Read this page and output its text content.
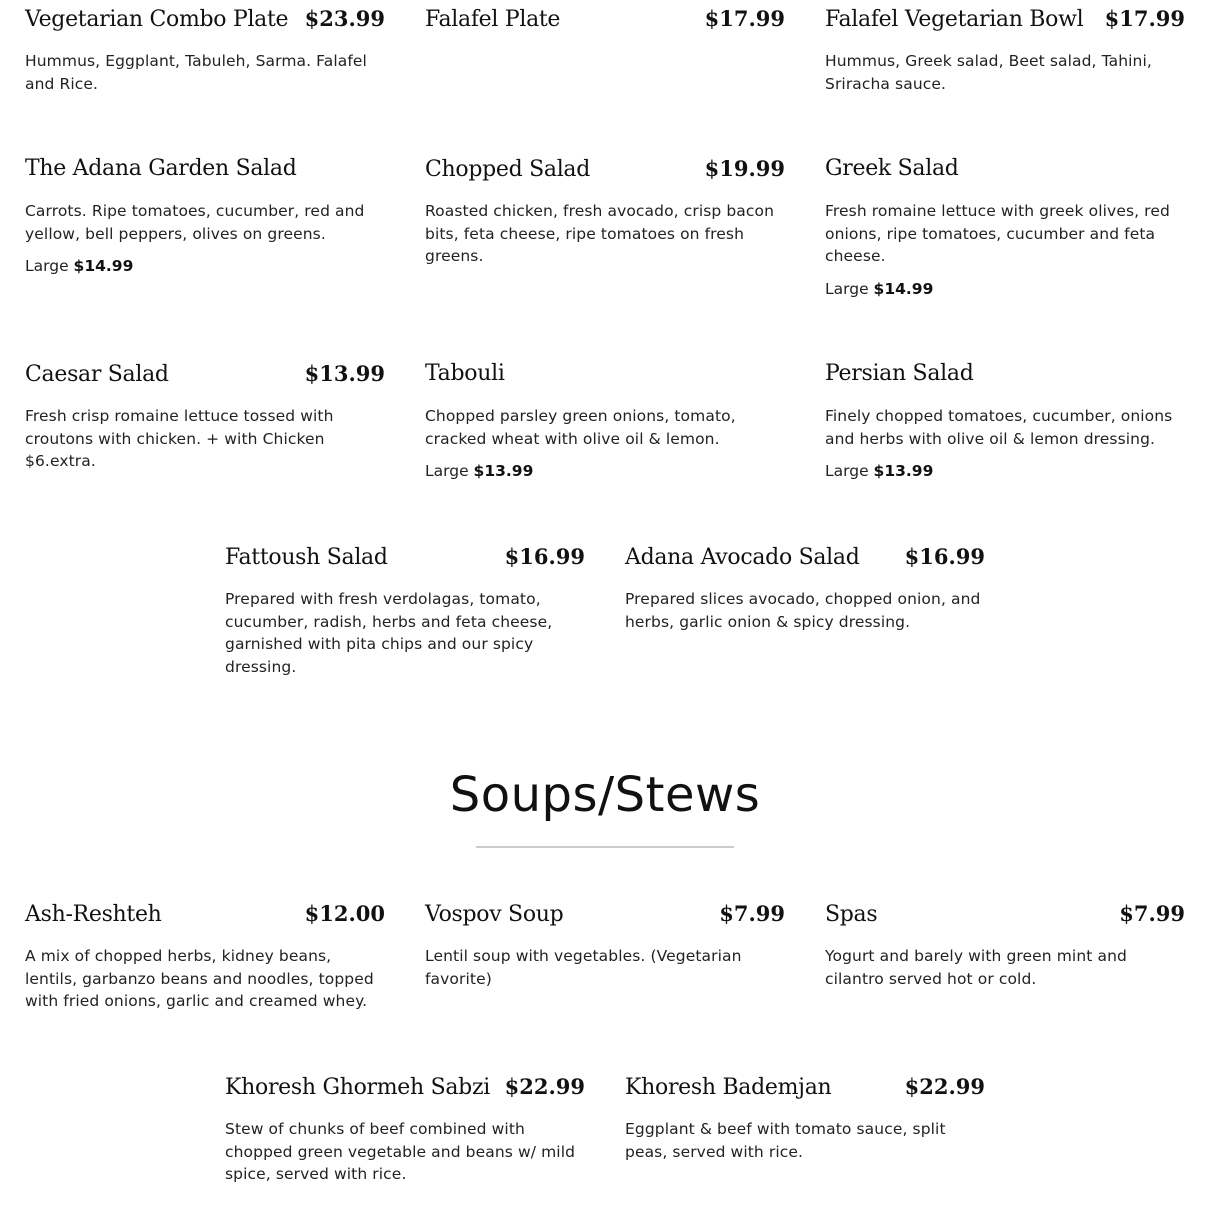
Vegetarian Combo Plate $23.99
Hummus, Eggplant, Tabuleh, Sarma. Falafel and Rice.
Falafel Plate	$17.99 Falafel Vegetarian Bowl $17.99
Hummus, Greek salad, Beet salad, Tahini, Sriracha sauce.
The Adana Garden Salad
Carrots. Ripe tomatoes, cucumber, red and yellow, bell peppers, olives on greens.
Large $14.99
Chopped Salad	$19.99
Roasted chicken, fresh avocado, crisp bacon bits, feta cheese, ripe tomatoes on fresh greens.
Greek Salad
Fresh romaine lettuce with greek olives, red onions, ripe tomatoes, cucumber and feta cheese.
Large $14.99
Caesar Salad	$13.99
Fresh crisp romaine lettuce tossed with croutons with chicken. + with Chicken $6.extra.
Tabouli
Chopped parsley green onions, tomato, cracked wheat with olive oil & lemon.
Large $13.99
Persian Salad
Finely chopped tomatoes, cucumber, onions and herbs with olive oil & lemon dressing.
Large $13.99
Fattoush Salad	$16.99
Prepared with fresh verdolagas, tomato, cucumber, radish, herbs and feta cheese, garnished with pita chips and our spicy dressing.
Adana Avocado Salad $16.99
Prepared slices avocado, chopped onion, and herbs, garlic onion & spicy dressing.
Soups/Stews
Ash-Reshteh	$12.00
A mix of chopped herbs, kidney beans, lentils, garbanzo beans and noodles, topped with fried onions, garlic and creamed whey.
Vospov Soup	$7.99
Lentil soup with vegetables. (Vegetarian favorite)
Spas	$7.99
Yogurt and barely with green mint and cilantro served hot or cold.
Khoresh Ghormeh Sabzi $22.99
Stew of chunks of beef combined with chopped green vegetable and beans w/ mild spice, served with rice.
Khoresh Bademjan	$22.99
Eggplant & beef with tomato sauce, split peas, served with rice.
